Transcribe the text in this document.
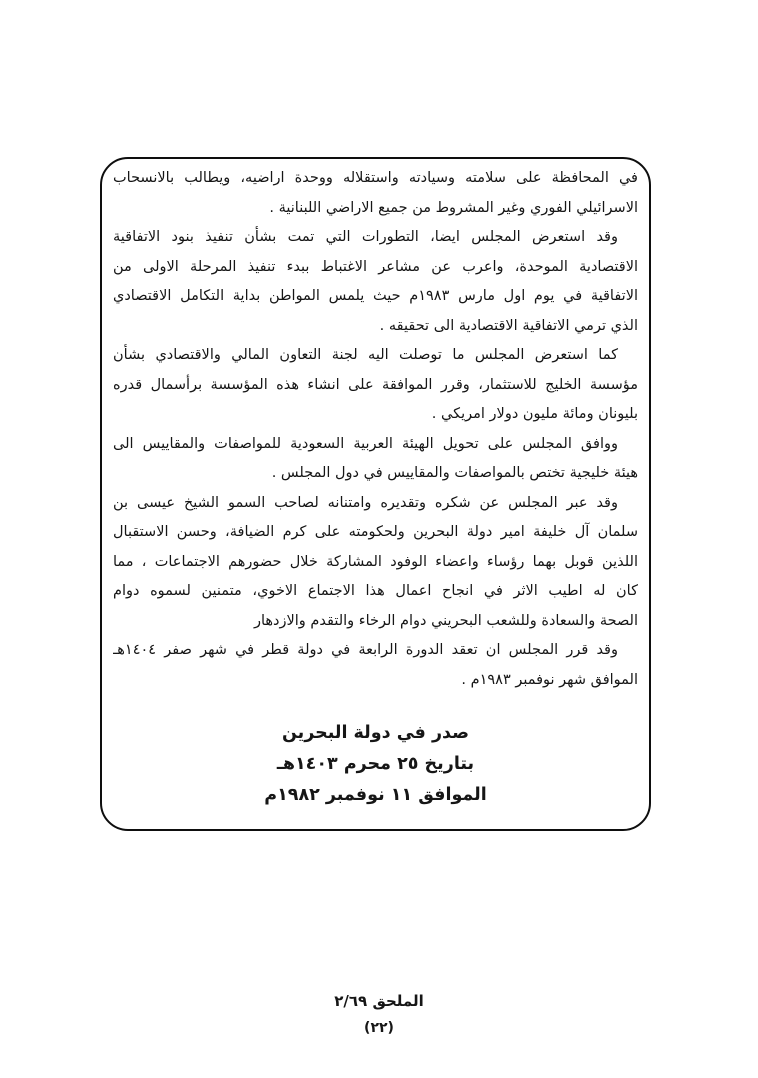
في المحافظة على سلامته وسيادته واستقلاله ووحدة اراضيه، ويطالب بالانسحاب
الاسرائيلي الفوري وغير المشروط من جميع الاراضي اللبنانية .
وقد استعرض المجلس ايضا، التطورات التي تمت بشأن تنفيذ بنود الاتفاقية
الاقتصادية الموحدة، واعرب عن مشاعر الاغتباط ببدء تنفيذ المرحلة الاولى من
الاتفاقية في يوم اول مارس ١٩٨٣م حيث يلمس المواطن بداية التكامل الاقتصادي
الذي ترمي الاتفاقية الاقتصادية الى تحقيقه .
كما استعرض المجلس ما توصلت اليه لجنة التعاون المالي والاقتصادي بشأن
مؤسسة الخليج للاستثمار، وقرر الموافقة على انشاء هذه المؤسسة برأسمال قدره
بليونان ومائة مليون دولار امريكي .
ووافق المجلس على تحويل الهيئة العربية السعودية للمواصفات والمقاييس الى
هيئة خليجية تختص بالمواصفات والمقاييس في دول المجلس .
وقد عبر المجلس عن شكره وتقديره وامتنانه لصاحب السمو الشيخ عيسى بن
سلمان آل خليفة امير دولة البحرين ولحكومته على كرم الضيافة، وحسن الاستقبال
اللذين قوبل بهما رؤساء واعضاء الوفود المشاركة خلال حضورهم الاجتماعات ، مما
كان له اطيب الاثر في انجاح اعمال هذا الاجتماع الاخوي، متمنين لسموه دوام
الصحة والسعادة وللشعب البحريني دوام الرخاء والتقدم والازدهار
وقد قرر المجلس ان تعقد الدورة الرابعة في دولة قطر في شهر صفر ١٤٠٤هـ
الموافق شهر نوفمبر ١٩٨٣م .
صدر في دولة البحرين
بتاريخ ٢٥ محرم ١٤٠٣هـ
الموافق ١١ نوفمبر ١٩٨٢م
الملحق ٢/٦٩
(٢٢)
